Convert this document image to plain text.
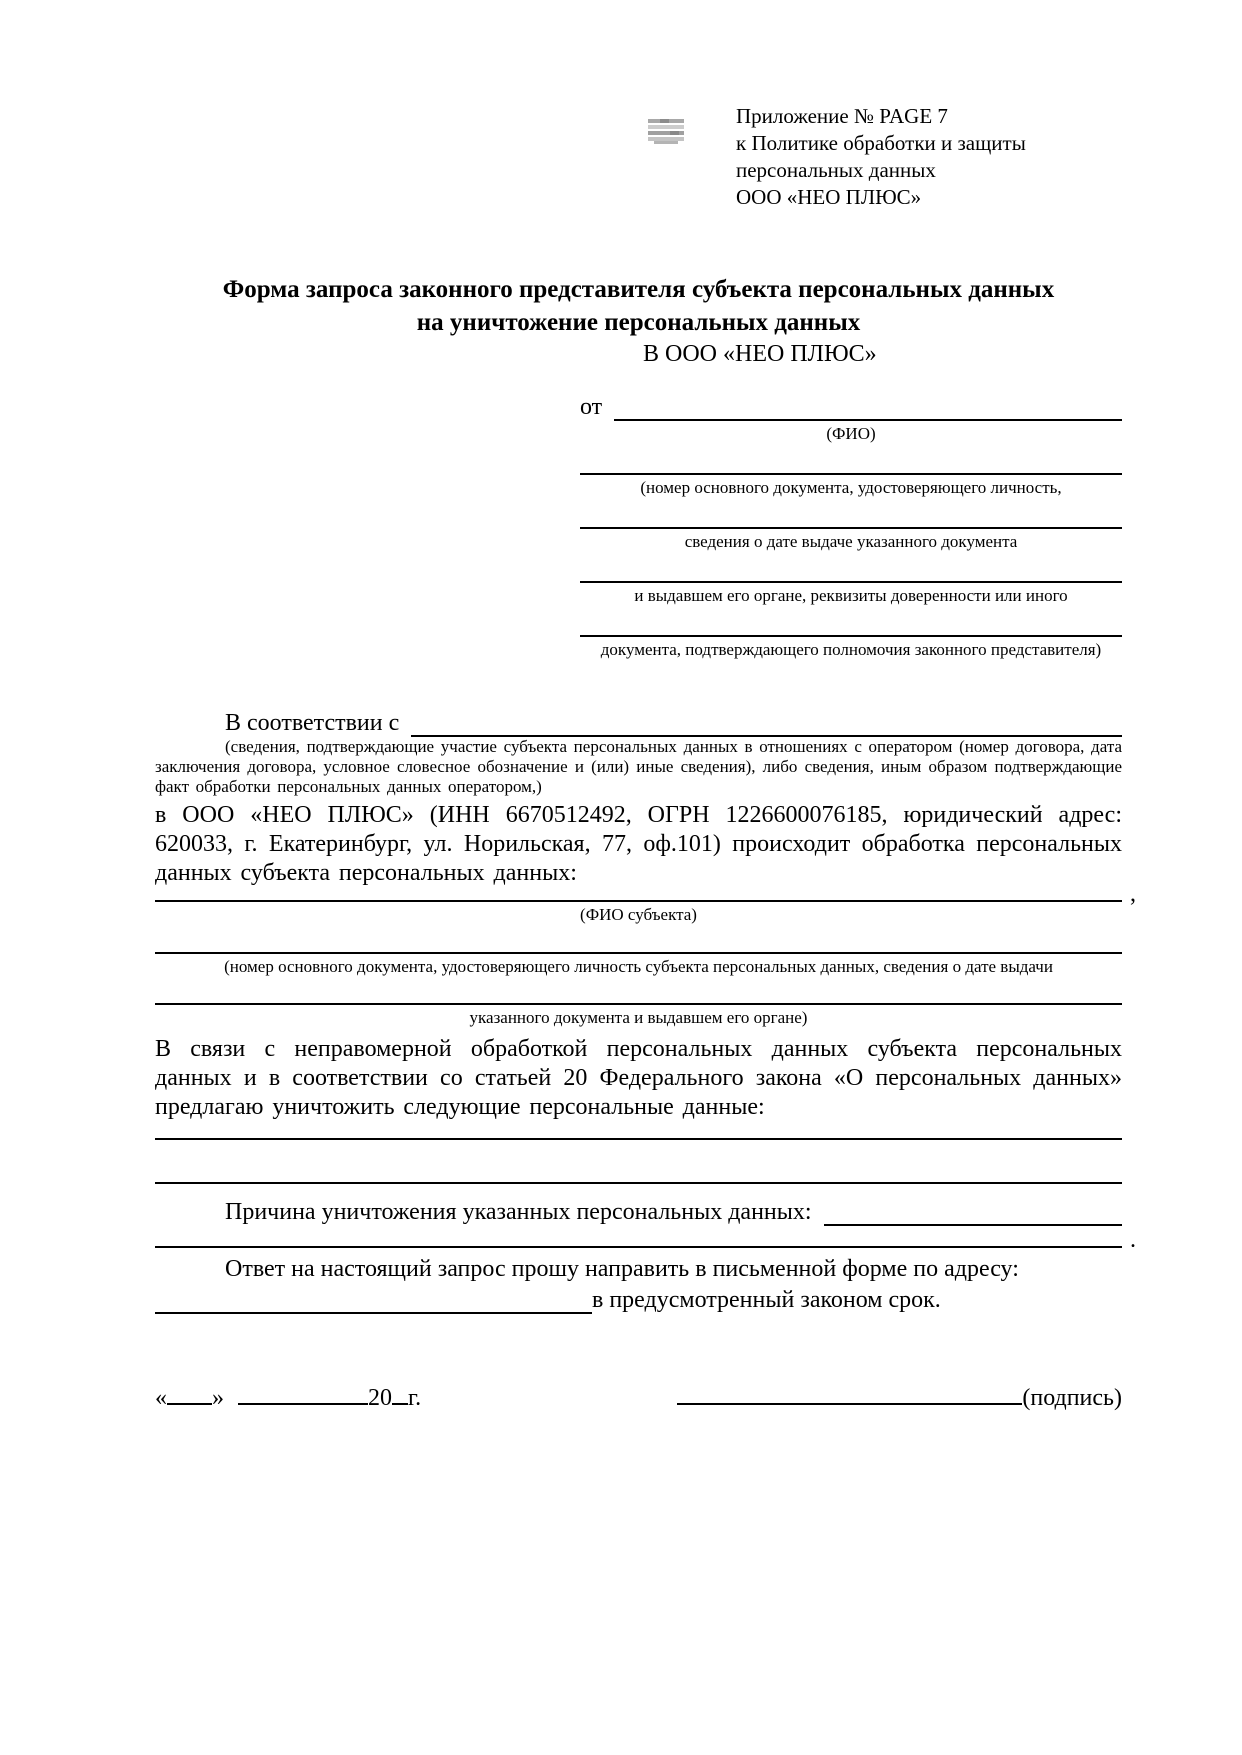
Приложение № PAGE 7
к Политике обработки и защиты
персональных данных
ООО «НЕО ПЛЮС»
Форма запроса законного представителя субъекта персональных данных
на уничтожение персональных данных
В ООО «НЕО ПЛЮС»
от
(ФИО)
(номер основного документа, удостоверяющего личность,
сведения о дате выдаче указанного документа
и выдавшем его органе, реквизиты доверенности или иного
документа, подтверждающего полномочия законного представителя)
В соответствии с
(сведения, подтверждающие участие субъекта персональных данных в отношениях с оператором (номер договора, дата заключения договора, условное словесное обозначение и (или) иные сведения), либо сведения, иным образом подтверждающие факт обработки персональных данных оператором,)

в ООО «НЕО ПЛЮС» (ИНН 6670512492, ОГРН 1226600076185, юридический адрес: 620033, г. Екатеринбург, ул. Норильская, 77, оф.101) происходит обработка персональных данных субъекта персональных данных:

,
(ФИО субъекта)
(номер основного документа, удостоверяющего личность субъекта персональных данных, сведения о дате выдачи
указанного документа и выдавшем его органе)

В связи с неправомерной обработкой персональных данных субъекта персональных данных и в соответствии со статьей 20 Федерального закона «О персональных данных» предлагаю уничтожить следующие персональные данные:

Причина уничтожения указанных персональных данных:
.

Ответ на настоящий запрос прошу направить в письменной форме по адресу:

в предусмотренный законом срок.
« »	20 г.	(подпись)
